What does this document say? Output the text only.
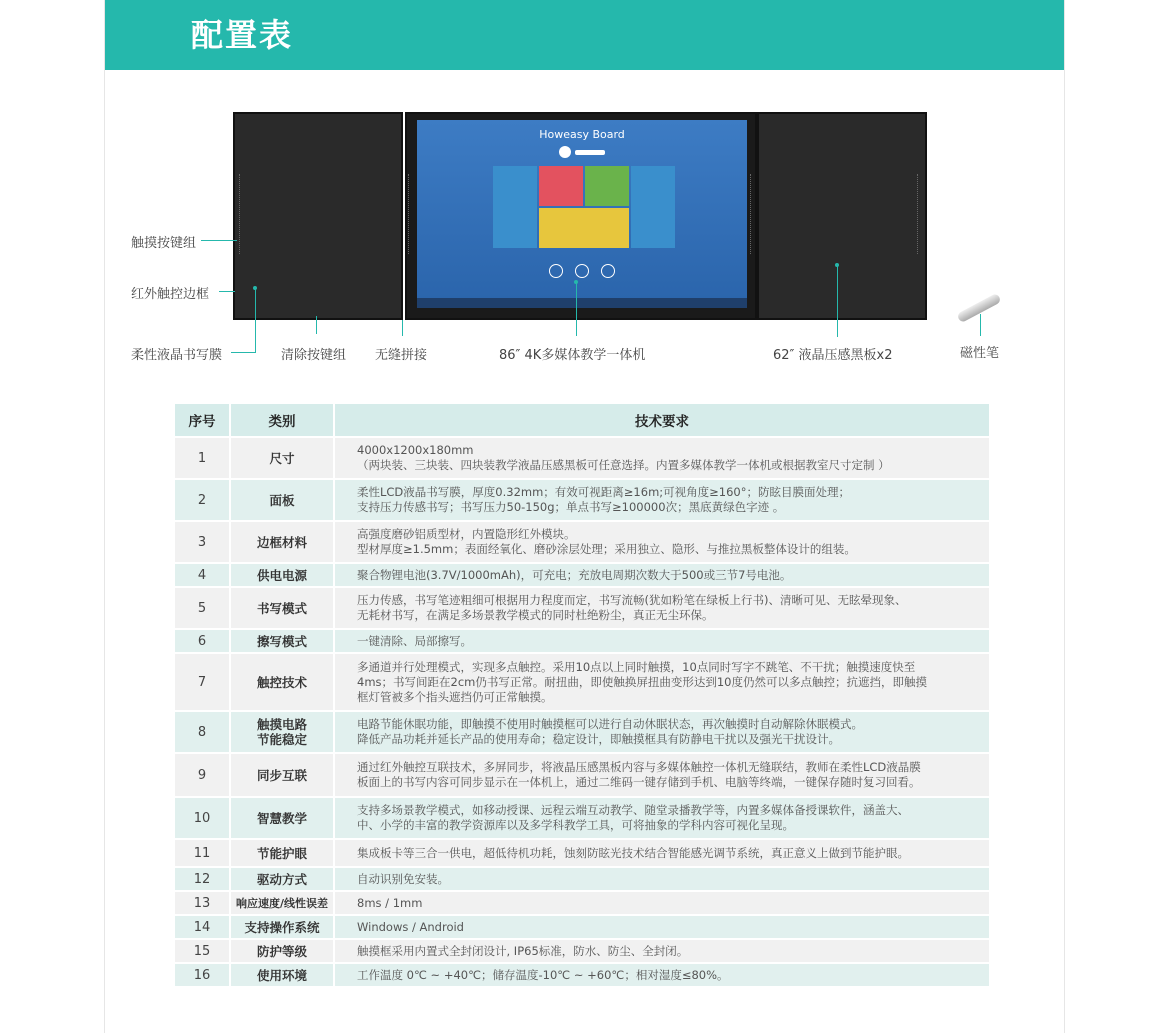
配置表
Howeasy Board
触摸按键组
红外触控边框
柔性液晶书写膜	清除按键组 无缝拼接	86″ 4K多媒体教学一体机	62″ 液晶压感黑板x2	磁性笔
序号	类别	技术要求
1	尺寸	4000x1200x180mm
（两块装、三块装、四块装教学液晶压感黑板可任意选择。内置多媒体教学一体机或根据教室尺寸定制 ）

2	面板	柔性LCD液晶书写膜，厚度0.32mm；有效可视距离≥16m;可视角度≥160°；防眩目膜面处理；
支持压力传感书写；书写压力50-150g；单点书写≥100000次；黑底黄绿色字迹 。

3	边框材料	高强度磨砂铝质型材，内置隐形红外模块。
型材厚度≥1.5mm；表面经氧化、磨砂涂层处理；采用独立、隐形、与推拉黑板整体设计的组装。

4	供电电源	聚合物锂电池(3.7V/1000mAh)，可充电；充放电周期次数大于500或三节7号电池。

5	书写模式	压力传感，书写笔迹粗细可根据用力程度而定，书写流畅(犹如粉笔在绿板上行书)、清晰可见、无眩晕现象、
无耗材书写，在满足多场景教学模式的同时杜绝粉尘，真正无尘环保。

6	擦写模式	一键清除、局部擦写。

7	触控技术	多通道并行处理模式，实现多点触控。采用10点以上同时触摸，10点同时写字不跳笔、不干扰；触摸速度快至
4ms；书写间距在2cm仍书写正常。耐扭曲，即使触换屏扭曲变形达到10度仍然可以多点触控；抗遮挡，即触摸
框灯管被多个指头遮挡仍可正常触摸。

8	触摸电路
节能稳定	电路节能休眠功能，即触摸不使用时触摸框可以进行自动休眠状态，再次触摸时自动解除休眠模式。
降低产品功耗并延长产品的使用寿命；稳定设计，即触摸框具有防静电干扰以及强光干扰设计。

9	同步互联	通过红外触控互联技术，多屏同步，将液晶压感黑板内容与多媒体触控一体机无缝联结，教师在柔性LCD液晶膜
板面上的书写内容可同步显示在一体机上，通过二维码一键存储到手机、电脑等终端，一键保存随时复习回看。

10	智慧教学	支持多场景教学模式，如移动授课、远程云端互动教学、随堂录播教学等，内置多媒体备授课软件，涵盖大、
中、小学的丰富的教学资源库以及多学科教学工具，可将抽象的学科内容可视化呈现。

11	节能护眼	集成板卡等三合一供电，超低待机功耗，蚀刻防眩光技术结合智能感光调节系统，真正意义上做到节能护眼。

12	驱动方式	自动识别免安装。

13	响应速度/线性误差	8ms / 1mm

14	支持操作系统	Windows / Android

15	防护等级	触摸框采用内置式全封闭设计, IP65标准，防水、防尘、全封闭。

16	使用环境	工作温度 0℃ ~ +40℃；储存温度-10℃ ~ +60℃；相对湿度≤80%。
